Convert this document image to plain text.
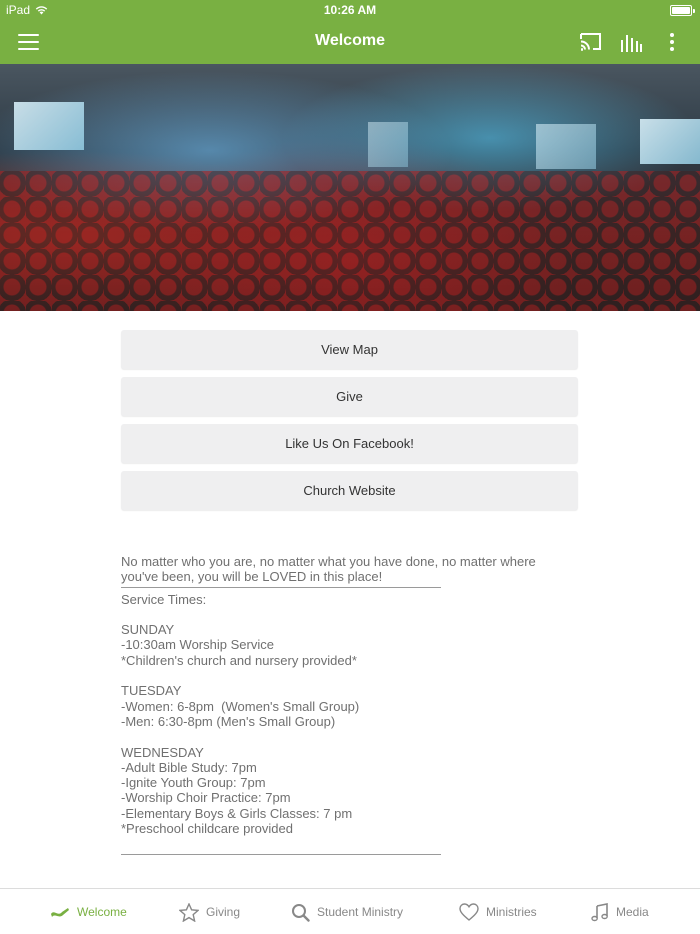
iPad	10:26 AM
Welcome
View Map
Give
Like Us On Facebook!
Church Website

No matter who you are, no matter what you have done, no matter where you've been, you will be LOVED in this place!

Service Times:

SUNDAY

-10:30am Worship Service

*Children's church and nursery provided*

TUESDAY

-Women: 6-8pm  (Women's Small Group)

-Men: 6:30-8pm (Men's Small Group)

WEDNESDAY

-Adult Bible Study: 7pm

-Ignite Youth Group: 7pm

-Worship Choir Practice: 7pm

-Elementary Boys & Girls Classes: 7 pm

*Preschool childcare provided

Welcome	Giving	Student Ministry	Ministries	Media
